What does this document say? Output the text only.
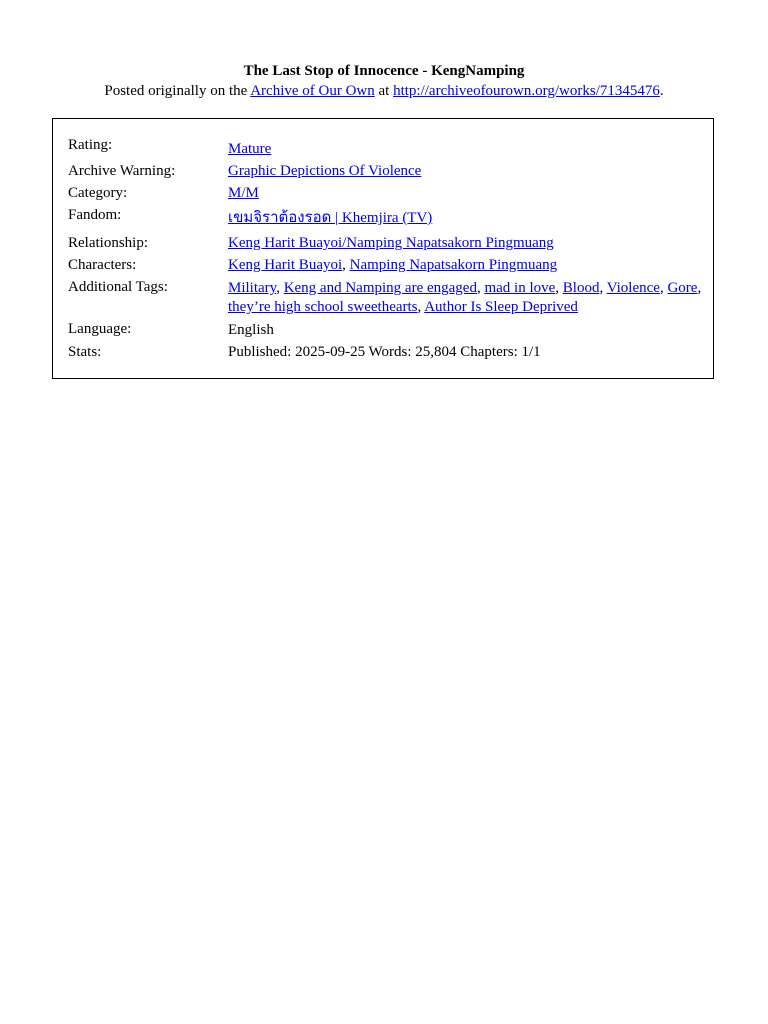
The Last Stop of Innocence - KengNamping
Posted originally on the Archive of Our Own at http://archiveofourown.org/works/71345476.
Rating:	Mature
Archive Warning:	Graphic Depictions Of Violence
Category:	M/M
Fandom:	เขมจิราต้องรอด | Khemjira (TV)
Relationship:	Keng Harit Buayoi/Namping Napatsakorn Pingmuang
Characters:	Keng Harit Buayoi, Namping Napatsakorn Pingmuang
Additional Tags:	Military, Keng and Namping are engaged, mad in love, Blood, Violence, Gore, they’re high school sweethearts, Author Is Sleep Deprived
Language:	English
Stats:	Published: 2025-09-25 Words: 25,804 Chapters: 1/1
